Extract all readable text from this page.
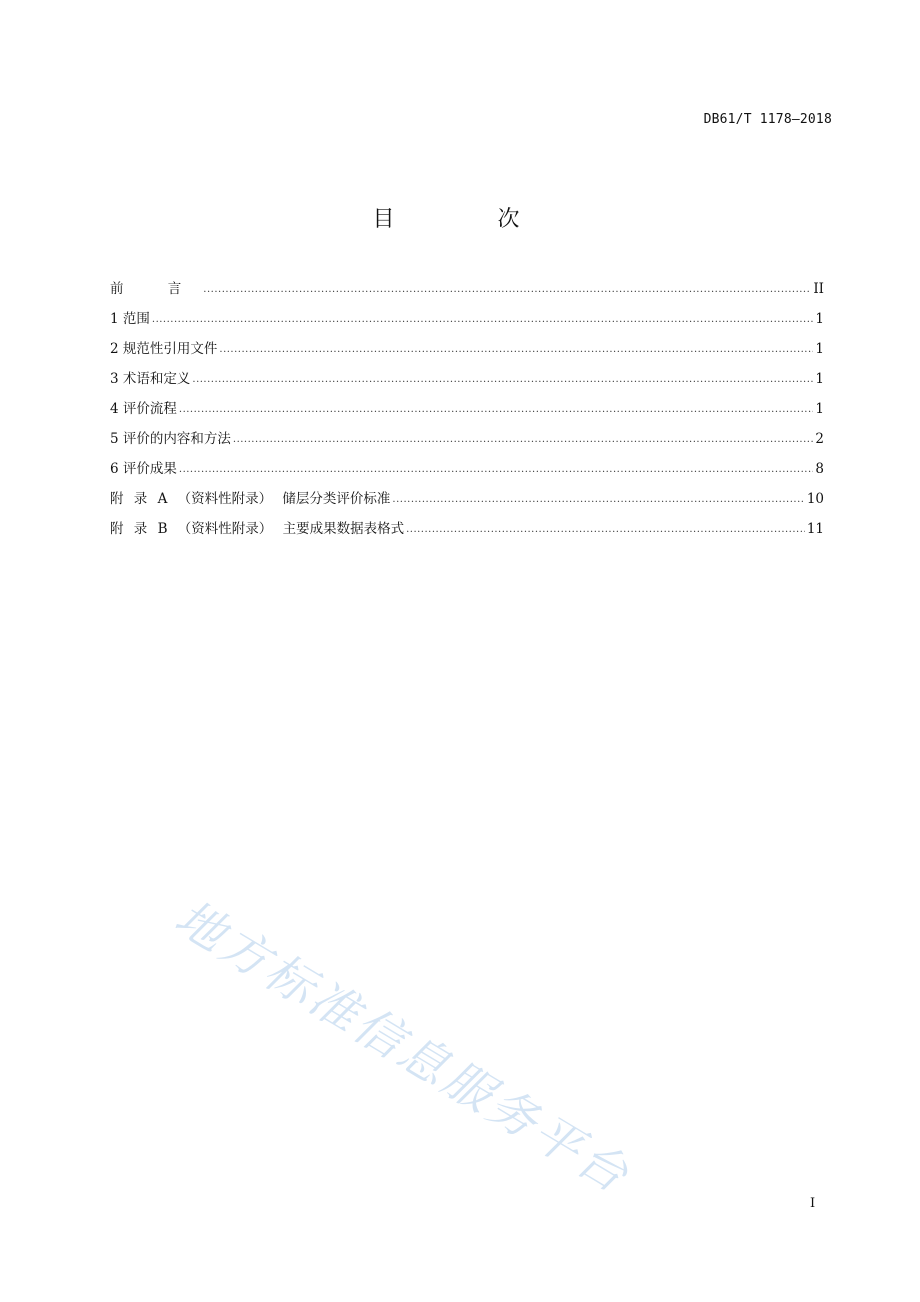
DB61/T 1178—2018
目 次
前 言 .....	II
1 范围 .....	1
2 规范性引用文件 .....	1
3 术语和定义 .....	1
4 评价流程 .....	1
5 评价的内容和方法 .....	2
6 评价成果 .....	8
附 录 A （资料性附录） 储层分类评价标准 .....	10
附 录 B （资料性附录） 主要成果数据表格式 .....	11
地方标准信息服务平台	I
